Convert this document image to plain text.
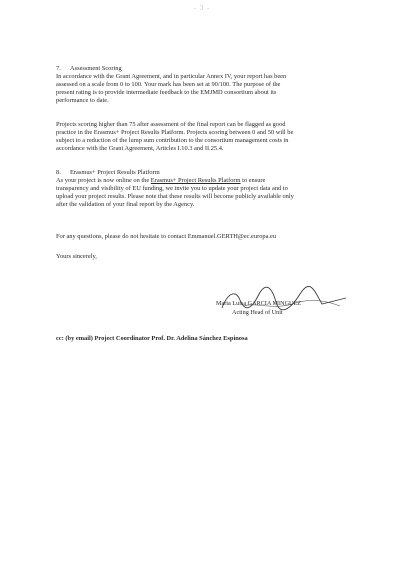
- 3 -
7. Assessment Scoring

In accordance with the Grant Agreement, and in particular Annex IV, your report has been
assessed on a scale from 0 to 100. Your mark has been set at 90/100. The purpose of the
present rating is to provide intermediate feedback to the EMJMD consortium about its
performance to date.

Projects scoring higher than 75 after assessment of the final report can be flagged as good
practice in the Erasmus+ Project Results Platform. Projects scoring between 0 and 50 will be
subject to a reduction of the lump sum contribution to the consortium management costs in
accordance with the Grant Agreement, Articles I.10.3 and II.25.4.

8. Erasmus+ Project Results Platform

As your project is now online on the Erasmus+ Project Results Platform to ensure
transparency and visibility of EU funding, we invite you to update your project data and to
upload your project results. Please note that these results will become publicly available only
after the validation of your final report by the Agency.

For any questions, please do not hesitate to contact Emmanuel.GERTH@ec.europa.eu
Yours sincerely,
Maria Luisa GARCIA MINGUEZ
Acting Head of Unit
cc: (by email) Project Coordinator Prof. Dr. Adelina Sánchez Espinosa
